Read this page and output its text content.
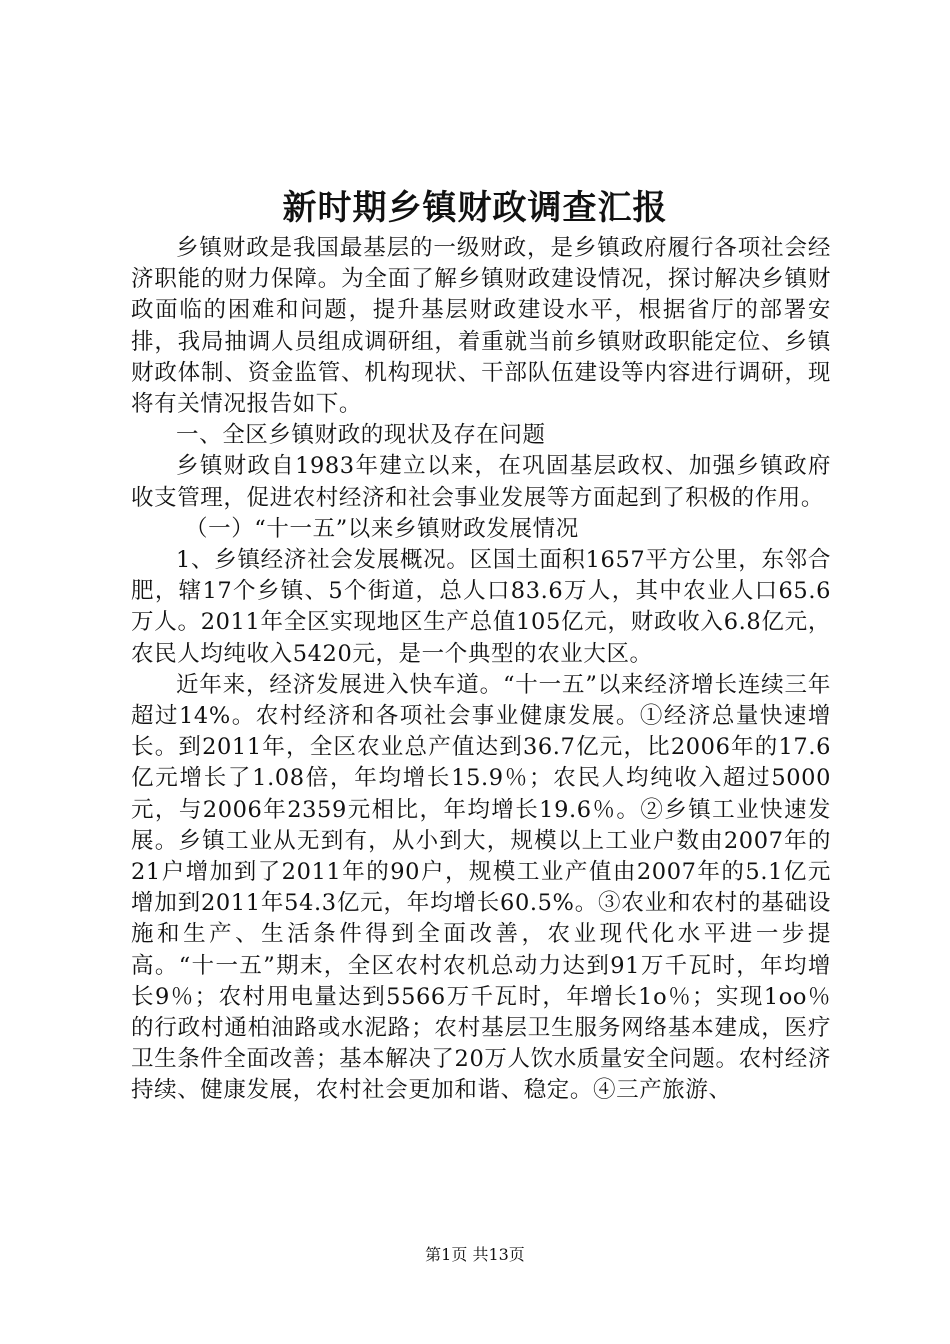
新时期乡镇财政调查汇报

乡镇财政是我国最基层的一级财政，是乡镇政府履行各项社会经济职能的财力保障。为全面了解乡镇财政建设情况，探讨解决乡镇财政面临的困难和问题，提升基层财政建设水平，根据省厅的部署安排，我局抽调人员组成调研组，着重就当前乡镇财政职能定位、乡镇财政体制、资金监管、机构现状、干部队伍建设等内容进行调研，现将有关情况报告如下。

一、全区乡镇财政的现状及存在问题

乡镇财政自1983年建立以来，在巩固基层政权、加强乡镇政府收支管理，促进农村经济和社会事业发展等方面起到了积极的作用。

（一）“十一五”以来乡镇财政发展情况

1、乡镇经济社会发展概况。区国土面积1657平方公里，东邻合肥，辖17个乡镇、5个街道，总人口83.6万人，其中农业人口65.6万人。2011年全区实现地区生产总值105亿元，财政收入6.8亿元，农民人均纯收入5420元，是一个典型的农业大区。

近年来，经济发展进入快车道。“十一五”以来经济增长连续三年超过14%。农村经济和各项社会事业健康发展。①经济总量快速增长。到2011年，全区农业总产值达到36.7亿元，比2006年的17.6亿元增长了1.08倍，年均增长15.9％；农民人均纯收入超过5000元，与2006年2359元相比，年均增长19.6％。②乡镇工业快速发展。乡镇工业从无到有，从小到大，规模以上工业户数由2007年的21户增加到了2011年的90户，规模工业产值由2007年的5.1亿元增加到2011年54.3亿元，年均增长60.5%。③农业和农村的基础设施和生产、生活条件得到全面改善，农业现代化水平进一步提高。“十一五”期末，全区农村农机总动力达到91万千瓦时，年均增长9％；农村用电量达到5566万千瓦时，年增长1o％；实现1oo％的行政村通柏油路或水泥路；农村基层卫生服务网络基本建成，医疗卫生条件全面改善；基本解决了20万人饮水质量安全问题。农村经济持续、健康发展，农村社会更加和谐、稳定。④三产旅游、

第1页 共13页
